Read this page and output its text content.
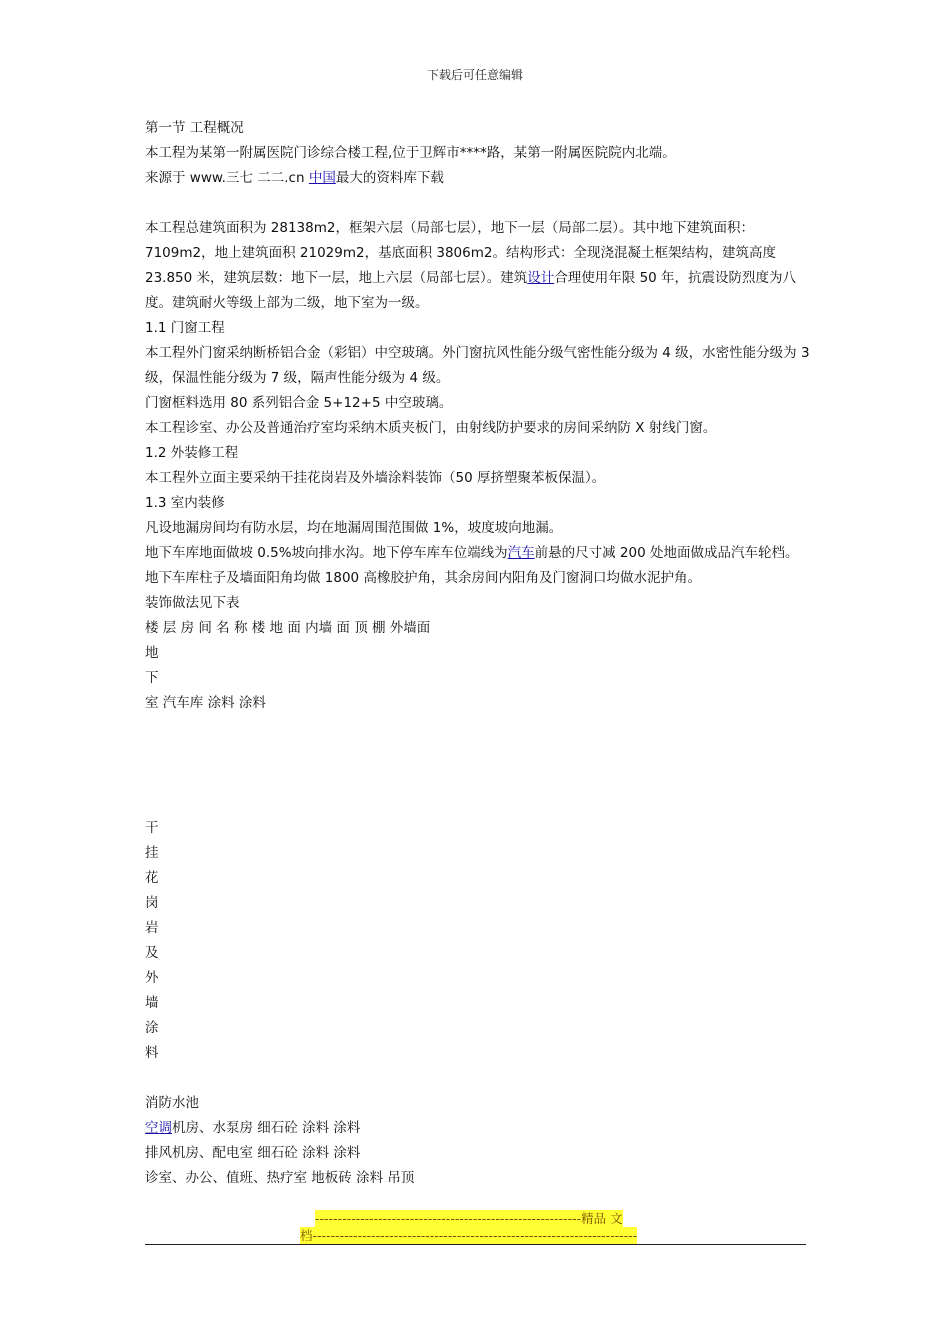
下载后可任意编辑
第一节 工程概况
本工程为某第一附属医院门诊综合楼工程,位于卫辉市****路，某第一附属医院院内北端。
来源于 www.三七 二二.cn 中国最大的资料库下载
本工程总建筑面积为 28138m2，框架六层（局部七层），地下一层（局部二层）。其中地下建筑面积：7109m2，地上建筑面积 21029m2，基底面积 3806m2。结构形式：全现浇混凝土框架结构，建筑高度 23.850 米，建筑层数：地下一层，地上六层（局部七层）。建筑设计合理使用年限 50 年，抗震设防烈度为八度。建筑耐火等级上部为二级，地下室为一级。
1.1 门窗工程
本工程外门窗采纳断桥铝合金（彩铝）中空玻璃。外门窗抗风性能分级气密性能分级为 4 级，水密性能分级为 3 级，保温性能分级为 7 级，隔声性能分级为 4 级。
门窗框料选用 80 系列铝合金 5+12+5 中空玻璃。
本工程诊室、办公及普通治疗室均采纳木质夹板门，由射线防护要求的房间采纳防 X 射线门窗。
1.2 外装修工程
本工程外立面主要采纳干挂花岗岩及外墙涂料装饰（50 厚挤塑聚苯板保温）。
1.3 室内装修
凡设地漏房间均有防水层，均在地漏周围范围做 1%，坡度坡向地漏。
地下车库地面做坡 0.5%坡向排水沟。地下停车库车位端线为汽车前悬的尺寸减 200 处地面做成品汽车轮档。
地下车库柱子及墙面阳角均做 1800 高橡胶护角，其余房间内阳角及门窗洞口均做水泥护角。
装饰做法见下表
楼 层 房 间 名 称 楼 地 面 内墙 面 顶 棚 外墙面
地
下
室 汽车库 涂料 涂料
干
挂
花
岗
岩
及
外
墙
涂
料
消防水池
空调机房、水泵房 细石砼 涂料 涂料
排风机房、配电室 细石砼 涂料 涂料
诊室、办公、值班、热疗室 地板砖 涂料 吊顶
-----------------------------------------------------------精品 文
档------------------------------------------------------------------------
